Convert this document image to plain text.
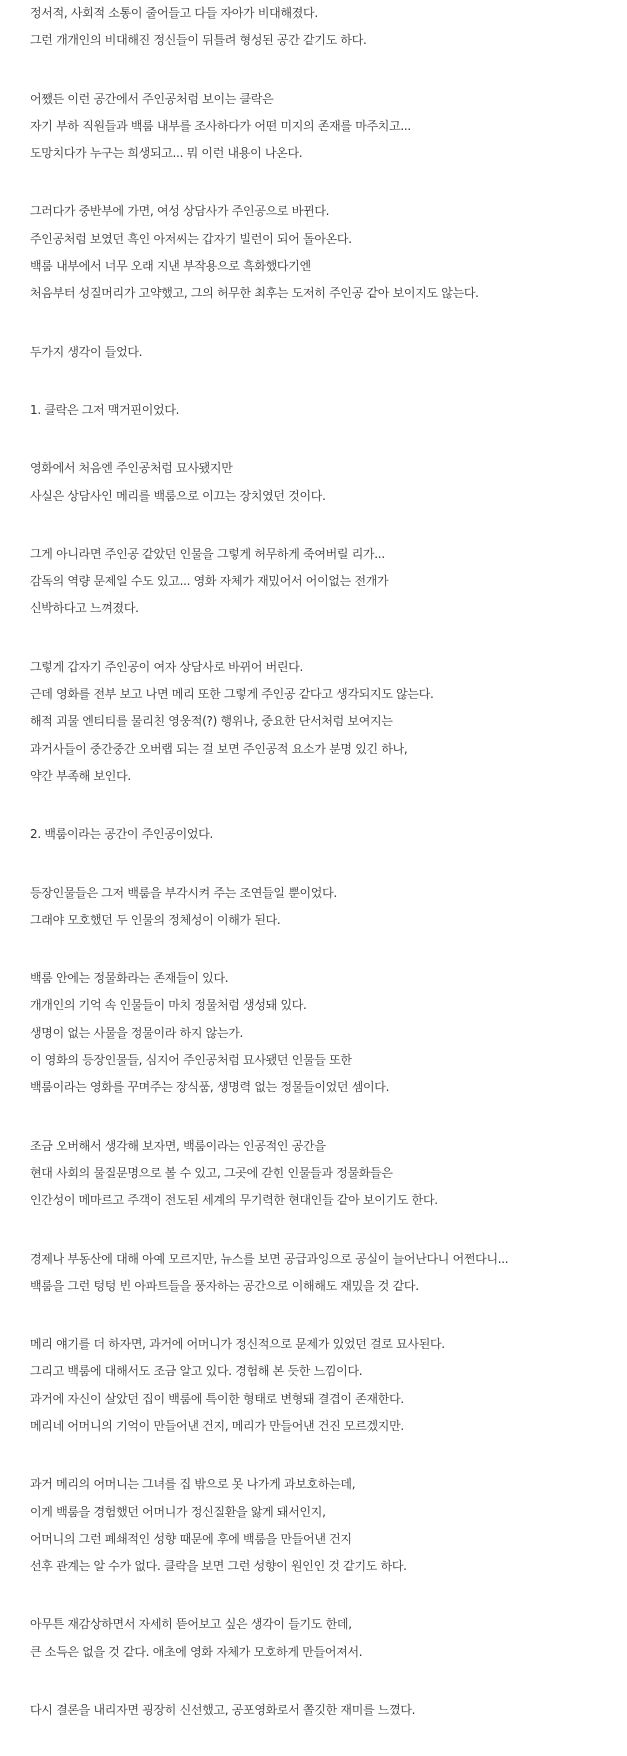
정서적, 사회적 소통이 줄어들고 다들 자아가 비대해졌다.
그런 개개인의 비대해진 정신들이 뒤틀려 형성된 공간 같기도 하다.
어쨌든 이런 공간에서 주인공처럼 보이는 클락은
자기 부하 직원들과 백룸 내부를 조사하다가 어떤 미지의 존재를 마주치고...
도망치다가 누구는 희생되고... 뭐 이런 내용이 나온다.
그러다가 중반부에 가면, 여성 상담사가 주인공으로 바뀐다.
주인공처럼 보였던 흑인 아저씨는 갑자기 빌런이 되어 돌아온다.
백룸 내부에서 너무 오래 지낸 부작용으로 흑화했다기엔
처음부터 성질머리가 고약했고, 그의 허무한 최후는 도저히 주인공 같아 보이지도 않는다.
두가지 생각이 들었다.
1. 클락은 그저 맥거핀이었다.
영화에서 처음엔 주인공처럼 묘사됐지만
사실은 상담사인 메리를 백룸으로 이끄는 장치였던 것이다.
그게 아니라면 주인공 같았던 인물을 그렇게 허무하게 죽여버릴 리가...
감독의 역량 문제일 수도 있고... 영화 자체가 재밌어서 어이없는 전개가
신박하다고 느껴졌다.
그렇게 갑자기 주인공이 여자 상담사로 바뀌어 버린다.
근데 영화를 전부 보고 나면 메리 또한 그렇게 주인공 같다고 생각되지도 않는다.
해적 괴물 엔티티를 물리친 영웅적(?) 행위나, 중요한 단서처럼 보여지는
과거사들이 중간중간 오버랩 되는 걸 보면 주인공적 요소가 분명 있긴 하나,
약간 부족해 보인다.
2. 백룸이라는 공간이 주인공이었다.
등장인물들은 그저 백룸을 부각시켜 주는 조연들일 뿐이었다.
그래야 모호했던 두 인물의 정체성이 이해가 된다.
백룸 안에는 정물화라는 존재들이 있다.
개개인의 기억 속 인물들이 마치 정물처럼 생성돼 있다.
생명이 없는 사물을 정물이라 하지 않는가.
이 영화의 등장인물들, 심지어 주인공처럼 묘사됐던 인물들 또한
백룸이라는 영화를 꾸며주는 장식품, 생명력 없는 정물들이었던 셈이다.
조금 오버해서 생각해 보자면, 백룸이라는 인공적인 공간을
현대 사회의 물질문명으로 볼 수 있고, 그곳에 갇힌 인물들과 정물화들은
인간성이 메마르고 주객이 전도된 세계의 무기력한 현대인들 같아 보이기도 한다.
경제나 부동산에 대해 아예 모르지만, 뉴스를 보면 공급과잉으로 공실이 늘어난다니 어쩐다니...
백룸을 그런 텅텅 빈 아파트들을 풍자하는 공간으로 이해해도 재밌을 것 같다.
메리 얘기를 더 하자면, 과거에 어머니가 정신적으로 문제가 있었던 걸로 묘사된다.
그리고 백룸에 대해서도 조금 알고 있다. 경험해 본 듯한 느낌이다.
과거에 자신이 살았던 집이 백룸에 특이한 형태로 변형돼 결겹이 존재한다.
메리네 어머니의 기억이 만들어낸 건지, 메리가 만들어낸 건진 모르겠지만.
과거 메리의 어머니는 그녀를 집 밖으로 못 나가게 과보호하는데,
이게 백룸을 경험했던 어머니가 정신질환을 앓게 돼서인지,
어머니의 그런 폐쇄적인 성향 때문에 후에 백룸을 만들어낸 건지
선후 관계는 알 수가 없다. 클락을 보면 그런 성향이 원인인 것 같기도 하다.
아무튼 재감상하면서 자세히 뜯어보고 싶은 생각이 들기도 한데,
큰 소득은 없을 것 같다. 애초에 영화 자체가 모호하게 만들어져서.
다시 결론을 내리자면 굉장히 신선했고, 공포영화로서 쫄깃한 재미를 느꼈다.
